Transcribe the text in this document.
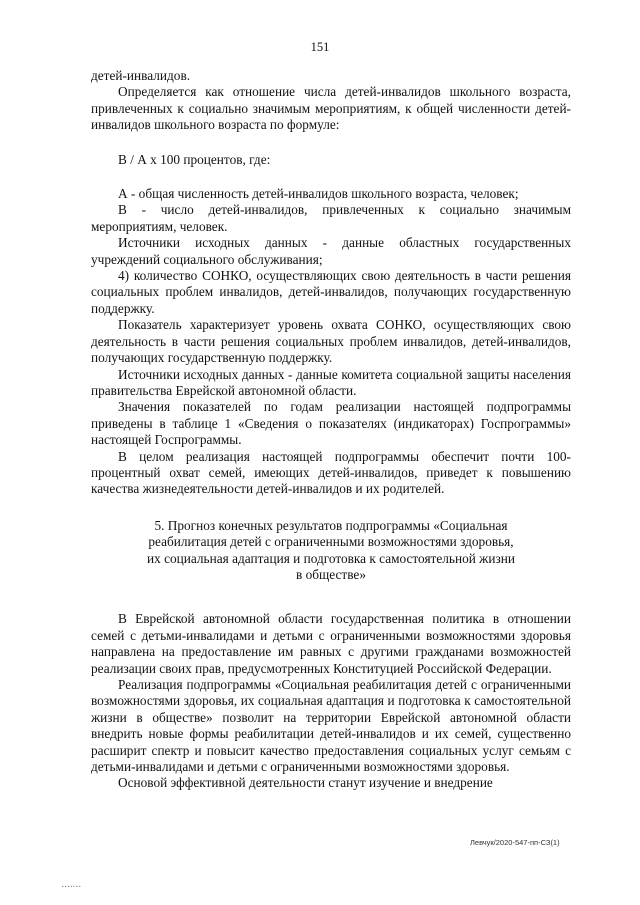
151

детей-инвалидов.

Определяется как отношение числа детей-инвалидов школьного возраста, привлеченных к социально значимым мероприятиям, к общей численности детей-инвалидов школьного возраста по формуле:

В / А х 100 процентов, где:

А - общая численность детей-инвалидов школьного возраста, человек;

В - число детей-инвалидов, привлеченных к социально значимым мероприятиям, человек.

Источники исходных данных - данные областных государственных учреждений социального обслуживания;

4) количество СОНКО, осуществляющих свою деятельность в части решения социальных проблем инвалидов, детей-инвалидов, получающих государственную поддержку.

Показатель характеризует уровень охвата СОНКО, осуществляющих свою деятельность в части решения социальных проблем инвалидов, детей-инвалидов, получающих государственную поддержку.

Источники исходных данных - данные комитета социальной защиты населения правительства Еврейской автономной области.

Значения показателей по годам реализации настоящей подпрограммы приведены в таблице 1 «Сведения о показателях (индикаторах) Госпрограммы» настоящей Госпрограммы.

В целом реализация настоящей подпрограммы обеспечит почти 100-процентный охват семей, имеющих детей-инвалидов, приведет к повышению качества жизнедеятельности детей-инвалидов и их родителей.

5. Прогноз конечных результатов подпрограммы «Социальная

реабилитация детей с ограниченными возможностями здоровья,

их социальная адаптация и подготовка к самостоятельной жизни

в обществе»

В Еврейской автономной области государственная политика в отношении семей с детьми-инвалидами и детьми с ограниченными возможностями здоровья направлена на предоставление им равных с другими гражданами возможностей реализации своих прав, предусмотренных Конституцией Российской Федерации.

Реализация подпрограммы «Социальная реабилитация детей с ограниченными возможностями здоровья, их социальная адаптация и подготовка к самостоятельной жизни в обществе» позволит на территории Еврейской автономной области внедрить новые формы реабилитации детей-инвалидов и их семей, существенно расширит спектр и повысит качество предоставления социальных услуг семьям с детьми-инвалидами и детьми с ограниченными возможностями здоровья.

Основой эффективной деятельности станут изучение и внедрение

Левчук/2020-547-пп-СЗ(1)
• • • • • • •
